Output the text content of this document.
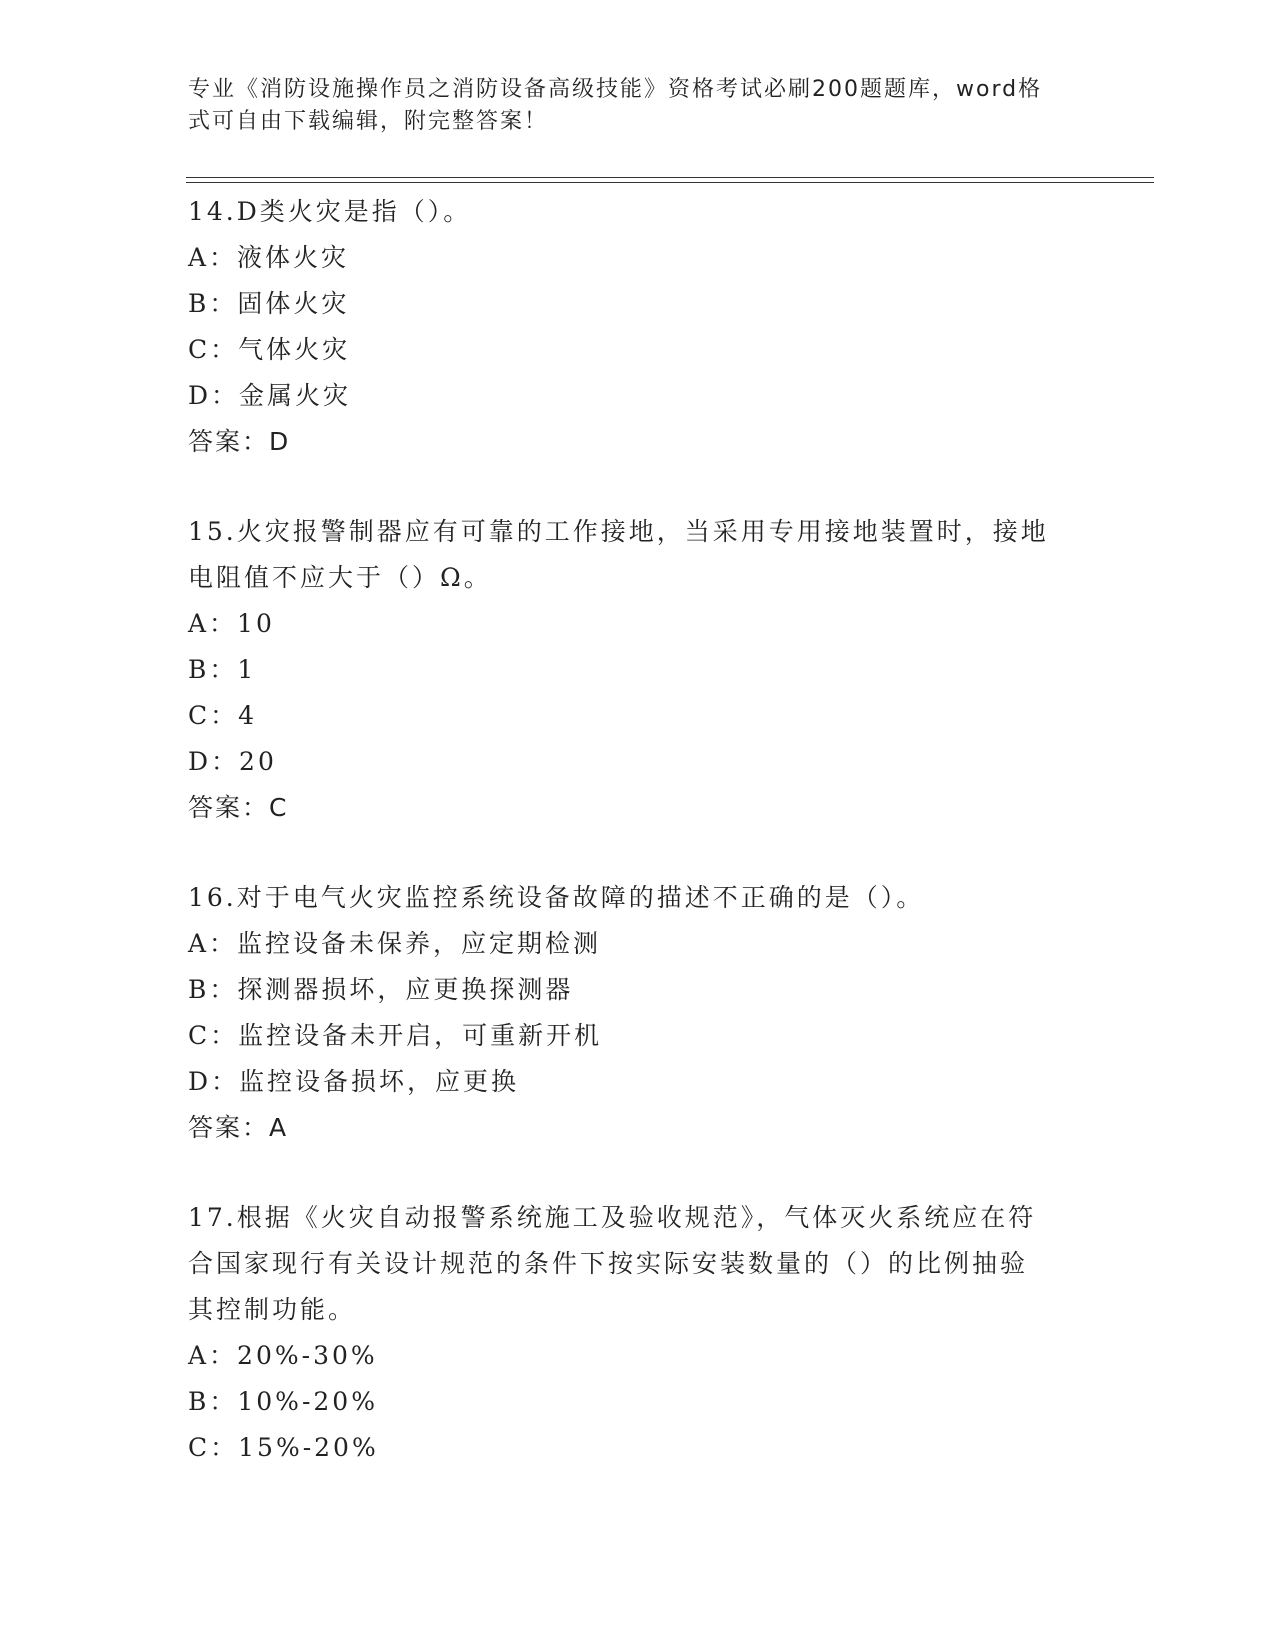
专业《消防设施操作员之消防设备高级技能》资格考试必刷200题题库，word格
式可自由下载编辑，附完整答案！
14.D类火灾是指（）。
A：液体火灾
B：固体火灾
C：气体火灾
D：金属火灾
答案：D
15.火灾报警制器应有可靠的工作接地，当采用专用接地装置时，接地
电阻值不应大于（）Ω。
A：10
B：1
C：4
D：20
答案：C
16.对于电气火灾监控系统设备故障的描述不正确的是（）。
A：监控设备未保养，应定期检测
B：探测器损坏，应更换探测器
C：监控设备未开启，可重新开机
D：监控设备损坏，应更换
答案：A
17.根据《火灾自动报警系统施工及验收规范》，气体灭火系统应在符
合国家现行有关设计规范的条件下按实际安装数量的（）的比例抽验
其控制功能。
A：20%-30%
B：10%-20%
C：15%-20%
